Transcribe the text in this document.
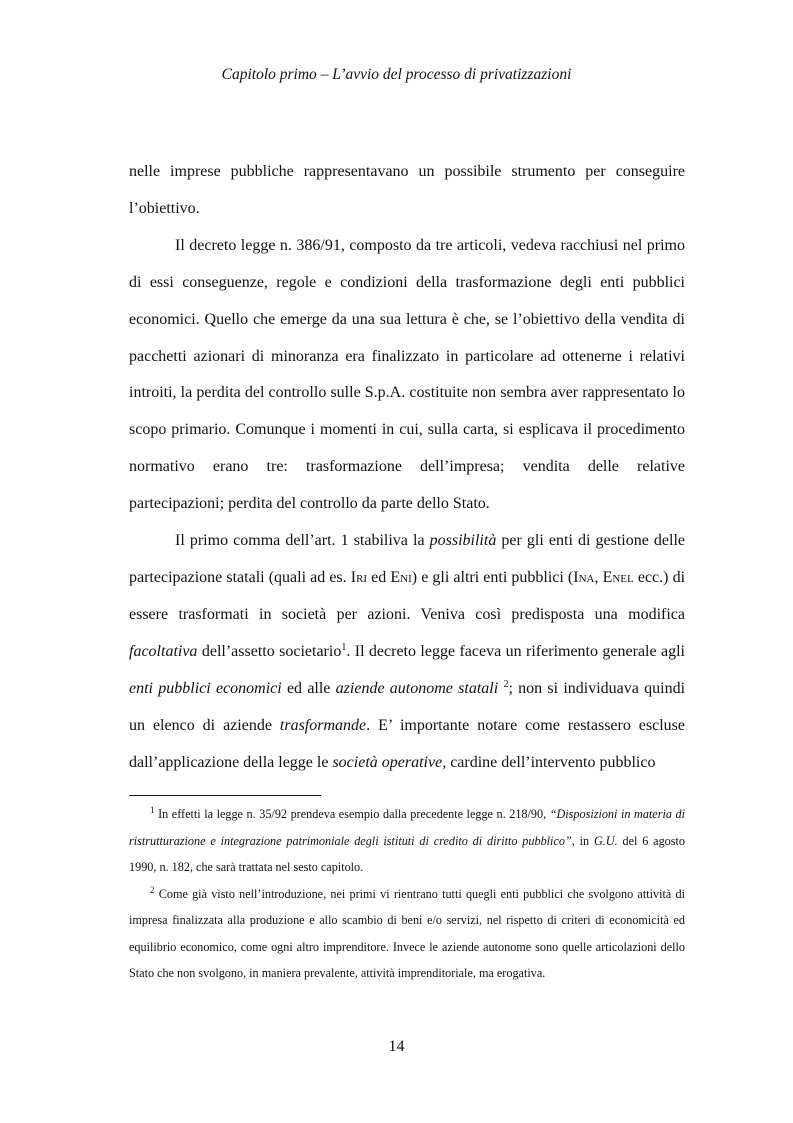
Capitolo primo – L’avvio del processo di privatizzazioni

nelle imprese pubbliche rappresentavano un possibile strumento per conseguire l’obiettivo.

Il decreto legge n. 386/91, composto da tre articoli, vedeva racchiusi nel primo di essi conseguenze, regole e condizioni della trasformazione degli enti pubblici economici. Quello che emerge da una sua lettura è che, se l’obiettivo della vendita di pacchetti azionari di minoranza era finalizzato in particolare ad ottenerne i relativi introiti, la perdita del controllo sulle S.p.A. costituite non sembra aver rappresentato lo scopo primario. Comunque i momenti in cui, sulla carta, si esplicava il procedimento normativo erano tre: trasformazione dell’impresa; vendita delle relative partecipazioni; perdita del controllo da parte dello Stato.

Il primo comma dell’art. 1 stabiliva la possibilità per gli enti di gestione delle partecipazione statali (quali ad es. Iri ed Eni) e gli altri enti pubblici (Ina, Enel ecc.) di essere trasformati in società per azioni. Veniva così predisposta una modifica facoltativa dell’assetto societario$^1$. Il decreto legge faceva un riferimento generale agli enti pubblici economici ed alle aziende autonome statali $^2$; non si individuava quindi un elenco di aziende trasformande. E’ importante notare come restassero escluse dall’applicazione della legge le società operative, cardine dell’intervento pubblico

$^1$ In effetti la legge n. 35/92 prendeva esempio dalla precedente legge n. 218/90, “Disposizioni in materia di ristrutturazione e integrazione patrimoniale degli istituti di credito di diritto pubblico”, in G.U. del 6 agosto 1990, n. 182, che sarà trattata nel sesto capitolo.

$^2$ Come già visto nell’introduzione, nei primi vi rientrano tutti quegli enti pubblici che svolgono attività di impresa finalizzata alla produzione e allo scambio di beni e/o servizi, nel rispetto di criteri di economicità ed equilibrio economico, come ogni altro imprenditore. Invece le aziende autonome sono quelle articolazioni dello Stato che non svolgono, in maniera prevalente, attività imprenditoriale, ma erogativa.

14
